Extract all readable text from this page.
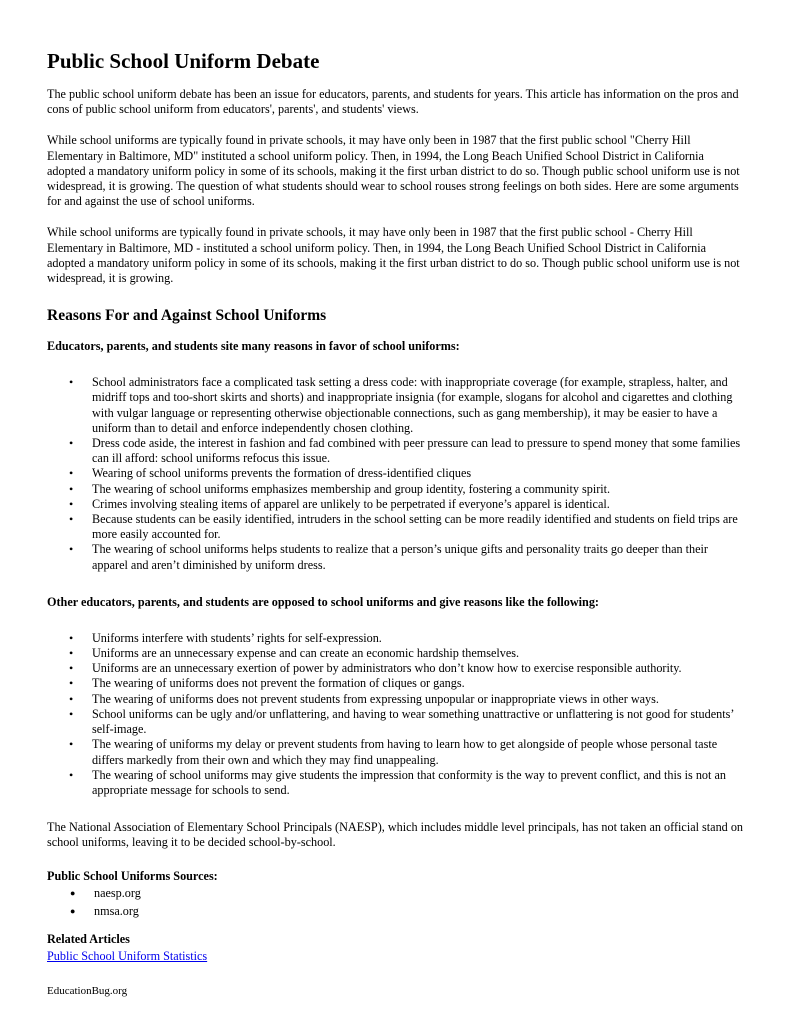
Public School Uniform Debate

The public school uniform debate has been an issue for educators, parents, and students for years. This article has information on the pros and cons of public school uniform from educators', parents', and students' views.

While school uniforms are typically found in private schools, it may have only been in 1987 that the first public school "Cherry Hill Elementary in Baltimore, MD" instituted a school uniform policy. Then, in 1994, the Long Beach Unified School District in California adopted a mandatory uniform policy in some of its schools, making it the first urban district to do so. Though public school uniform use is not widespread, it is growing. The question of what students should wear to school rouses strong feelings on both sides. Here are some arguments for and against the use of school uniforms.

While school uniforms are typically found in private schools, it may have only been in 1987 that the first public school - Cherry Hill Elementary in Baltimore, MD - instituted a school uniform policy. Then, in 1994, the Long Beach Unified School District in California adopted a mandatory uniform policy in some of its schools, making it the first urban district to do so. Though public school uniform use is not widespread, it is growing.

Reasons For and Against School Uniforms

Educators, parents, and students site many reasons in favor of school uniforms:

• School administrators face a complicated task setting a dress code: with inappropriate coverage (for example, strapless, halter, and midriff tops and too-short skirts and shorts) and inappropriate insignia (for example, slogans for alcohol and cigarettes and clothing with vulgar language or representing otherwise objectionable connections, such as gang membership), it may be easier to have a uniform than to detail and enforce independently chosen clothing.
• Dress code aside, the interest in fashion and fad combined with peer pressure can lead to pressure to spend money that some families can ill afford: school uniforms refocus this issue.
• Wearing of school uniforms prevents the formation of dress-identified cliques
• The wearing of school uniforms emphasizes membership and group identity, fostering a community spirit.
• Crimes involving stealing items of apparel are unlikely to be perpetrated if everyone’s apparel is identical.
• Because students can be easily identified, intruders in the school setting can be more readily identified and students on field trips are more easily accounted for.
• The wearing of school uniforms helps students to realize that a person’s unique gifts and personality traits go deeper than their apparel and aren’t diminished by uniform dress.

Other educators, parents, and students are opposed to school uniforms and give reasons like the following:

• Uniforms interfere with students’ rights for self-expression.
• Uniforms are an unnecessary expense and can create an economic hardship themselves.
• Uniforms are an unnecessary exertion of power by administrators who don’t know how to exercise responsible authority.
• The wearing of uniforms does not prevent the formation of cliques or gangs.
• The wearing of uniforms does not prevent students from expressing unpopular or inappropriate views in other ways.
• School uniforms can be ugly and/or unflattering, and having to wear something unattractive or unflattering is not good for students’ self-image.
• The wearing of uniforms my delay or prevent students from having to learn how to get alongside of people whose personal taste differs markedly from their own and which they may find unappealing.
• The wearing of school uniforms may give students the impression that conformity is the way to prevent conflict, and this is not an appropriate message for schools to send.

The National Association of Elementary School Principals (NAESP), which includes middle level principals, has not taken an official stand on school uniforms, leaving it to be decided school-by-school.

Public School Uniforms Sources:

● naesp.org
● nmsa.org

Related Articles

Public School Uniform Statistics
EducationBug.org
